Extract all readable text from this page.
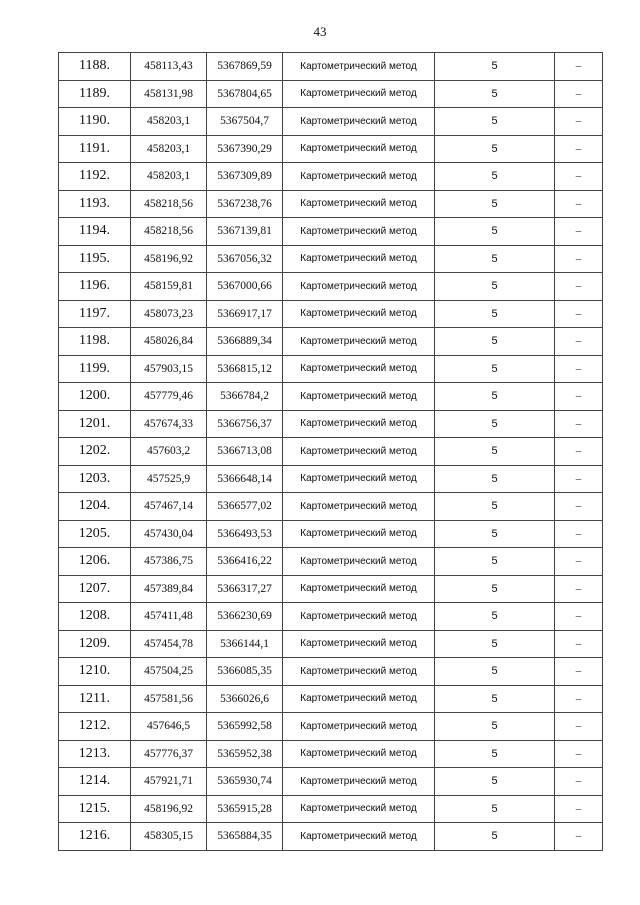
43
1188.	458113,43	5367869,59	Картометрический метод	5	–
1189.	458131,98	5367804,65	Картометрический метод	5	–
1190.	458203,1	5367504,7	Картометрический метод	5	–
1191.	458203,1	5367390,29	Картометрический метод	5	–
1192.	458203,1	5367309,89	Картометрический метод	5	–
1193.	458218,56	5367238,76	Картометрический метод	5	–
1194.	458218,56	5367139,81	Картометрический метод	5	–
1195.	458196,92	5367056,32	Картометрический метод	5	–
1196.	458159,81	5367000,66	Картометрический метод	5	–
1197.	458073,23	5366917,17	Картометрический метод	5	–
1198.	458026,84	5366889,34	Картометрический метод	5	–
1199.	457903,15	5366815,12	Картометрический метод	5	–
1200.	457779,46	5366784,2	Картометрический метод	5	–
1201.	457674,33	5366756,37	Картометрический метод	5	–
1202.	457603,2	5366713,08	Картометрический метод	5	–
1203.	457525,9	5366648,14	Картометрический метод	5	–
1204.	457467,14	5366577,02	Картометрический метод	5	–
1205.	457430,04	5366493,53	Картометрический метод	5	–
1206.	457386,75	5366416,22	Картометрический метод	5	–
1207.	457389,84	5366317,27	Картометрический метод	5	–
1208.	457411,48	5366230,69	Картометрический метод	5	–
1209.	457454,78	5366144,1	Картометрический метод	5	–
1210.	457504,25	5366085,35	Картометрический метод	5	–
1211.	457581,56	5366026,6	Картометрический метод	5	–
1212.	457646,5	5365992,58	Картометрический метод	5	–
1213.	457776,37	5365952,38	Картометрический метод	5	–
1214.	457921,71	5365930,74	Картометрический метод	5	–
1215.	458196,92	5365915,28	Картометрический метод	5	–
1216.	458305,15	5365884,35	Картометрический метод	5	–
